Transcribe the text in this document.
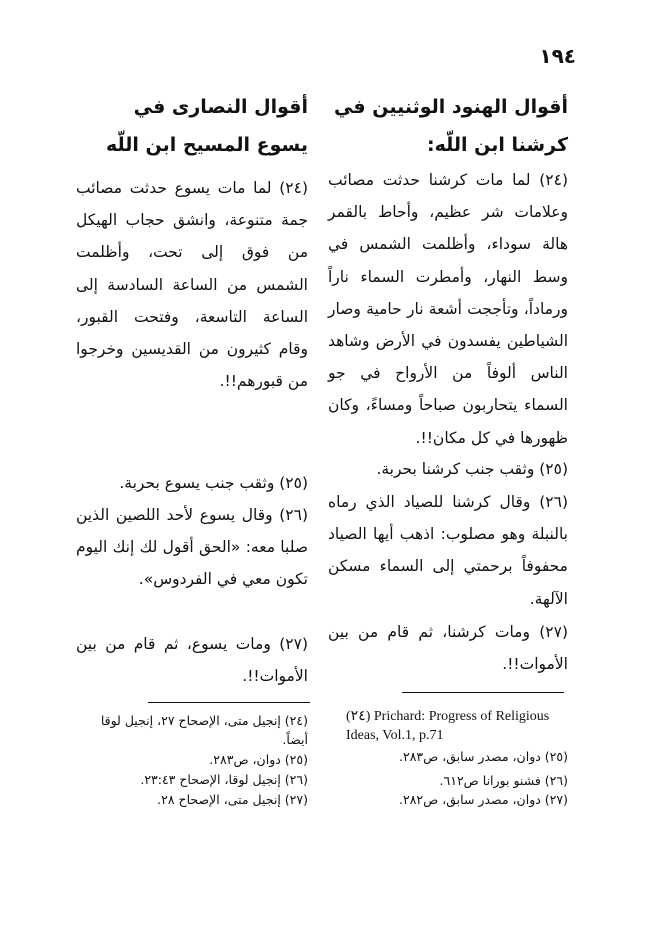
١٩٤
أقوال الهنود الوثنيين في كرشنا ابن اللّه:
(٢٤) لما مات كرشنا حدثت مصائب وعلامات شر عظيم، وأحاط بالقمر هالة سوداء، وأظلمت الشمس في وسط النهار، وأمطرت السماء ناراً ورماداً، وتأججت أشعة نار حامية وصار الشياطين يفسدون في الأرض وشاهد الناس ألوفاً من الأرواح في جو السماء يتحاربون صباحاً ومساءً، وكان ظهورها في كل مكان!!.
(٢٥) وثقب جنب كرشنا بحربة.
(٢٦) وقال كرشنا للصياد الذي رماه بالنبلة وهو مصلوب: اذهب أيها الصياد محفوفاً برحمتي إلى السماء مسكن الآلهة.
(٢٧) ومات كرشنا، ثم قام من بين الأموات!!.
(٢٤) Prichard: Progress of Religious Ideas, Vol.1, p.71
(٢٥) دوان، مصدر سابق، ص٢٨٣.
(٢٦) فشنو بورانا ص٦١٢.
(٢٧) دوان، مصدر سابق، ص٢٨٢.
أقوال النصارى في يسوع المسيح ابن اللّه
(٢٤) لما مات يسوع حدثت مصائب جمة متنوعة، وانشق حجاب الهيكل من فوق إلى تحت، وأظلمت الشمس من الساعة السادسة إلى الساعة التاسعة، وفتحت القبور، وقام كثيرون من القديسين وخرجوا من قبورهم!!.
(٢٥) وثقب جنب يسوع بحربة.
(٢٦) وقال يسوع لأحد اللصين الذين صلبا معه: «الحق أقول لك إنك اليوم تكون معي في الفردوس».
(٢٧) ومات يسوع، ثم قام من بين الأموات!!.
(٢٤) إنجيل متى، الإصحاح ٢٧، إنجيل لوقا أيضاً.
(٢٥) دوان، ص٢٨٣.
(٢٦) إنجيل لوقا، الإصحاح ٢٣:٤٣.
(٢٧) إنجيل متى، الإصحاح ٢٨.
